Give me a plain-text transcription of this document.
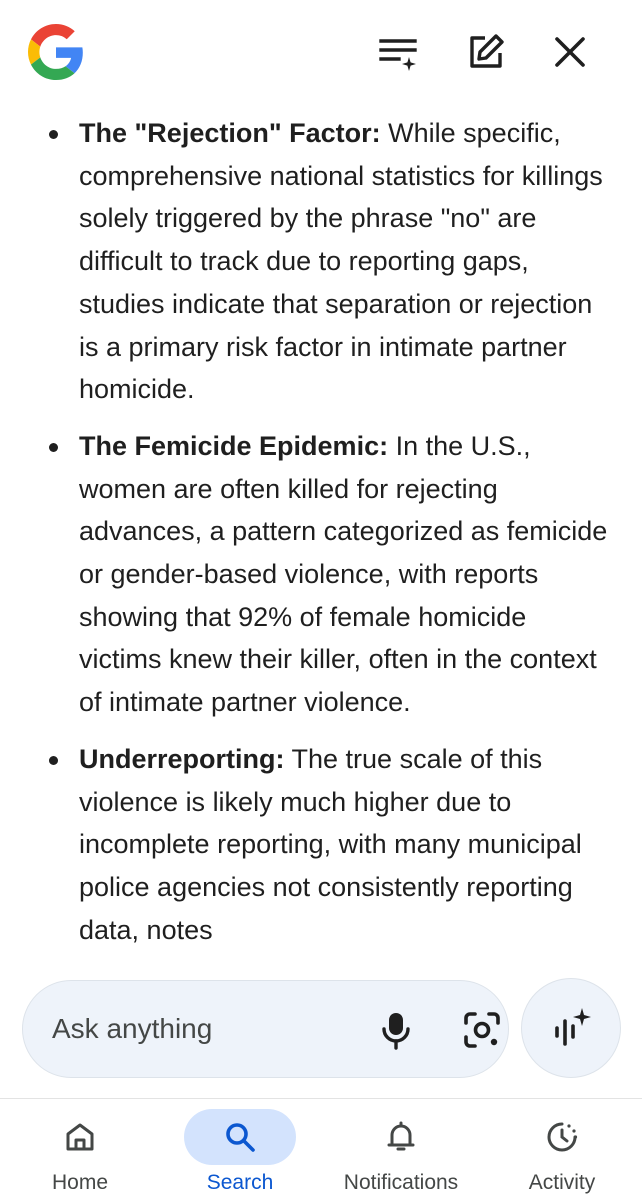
The "Rejection" Factor: While specific, comprehensive national statistics for killings solely triggered by the phrase "no" are difficult to track due to reporting gaps, studies indicate that separation or rejection is a primary risk factor in intimate partner homicide.
The Femicide Epidemic: In the U.S., women are often killed for rejecting advances, a pattern categorized as femicide or gender-based violence, with reports showing that 92% of female homicide victims knew their killer, often in the context of intimate partner violence.
Underreporting: The true scale of this violence is likely much higher due to incomplete reporting, with many municipal police agencies not consistently reporting data, notes
Ask anything
Home	Search	Notifications	Activity
